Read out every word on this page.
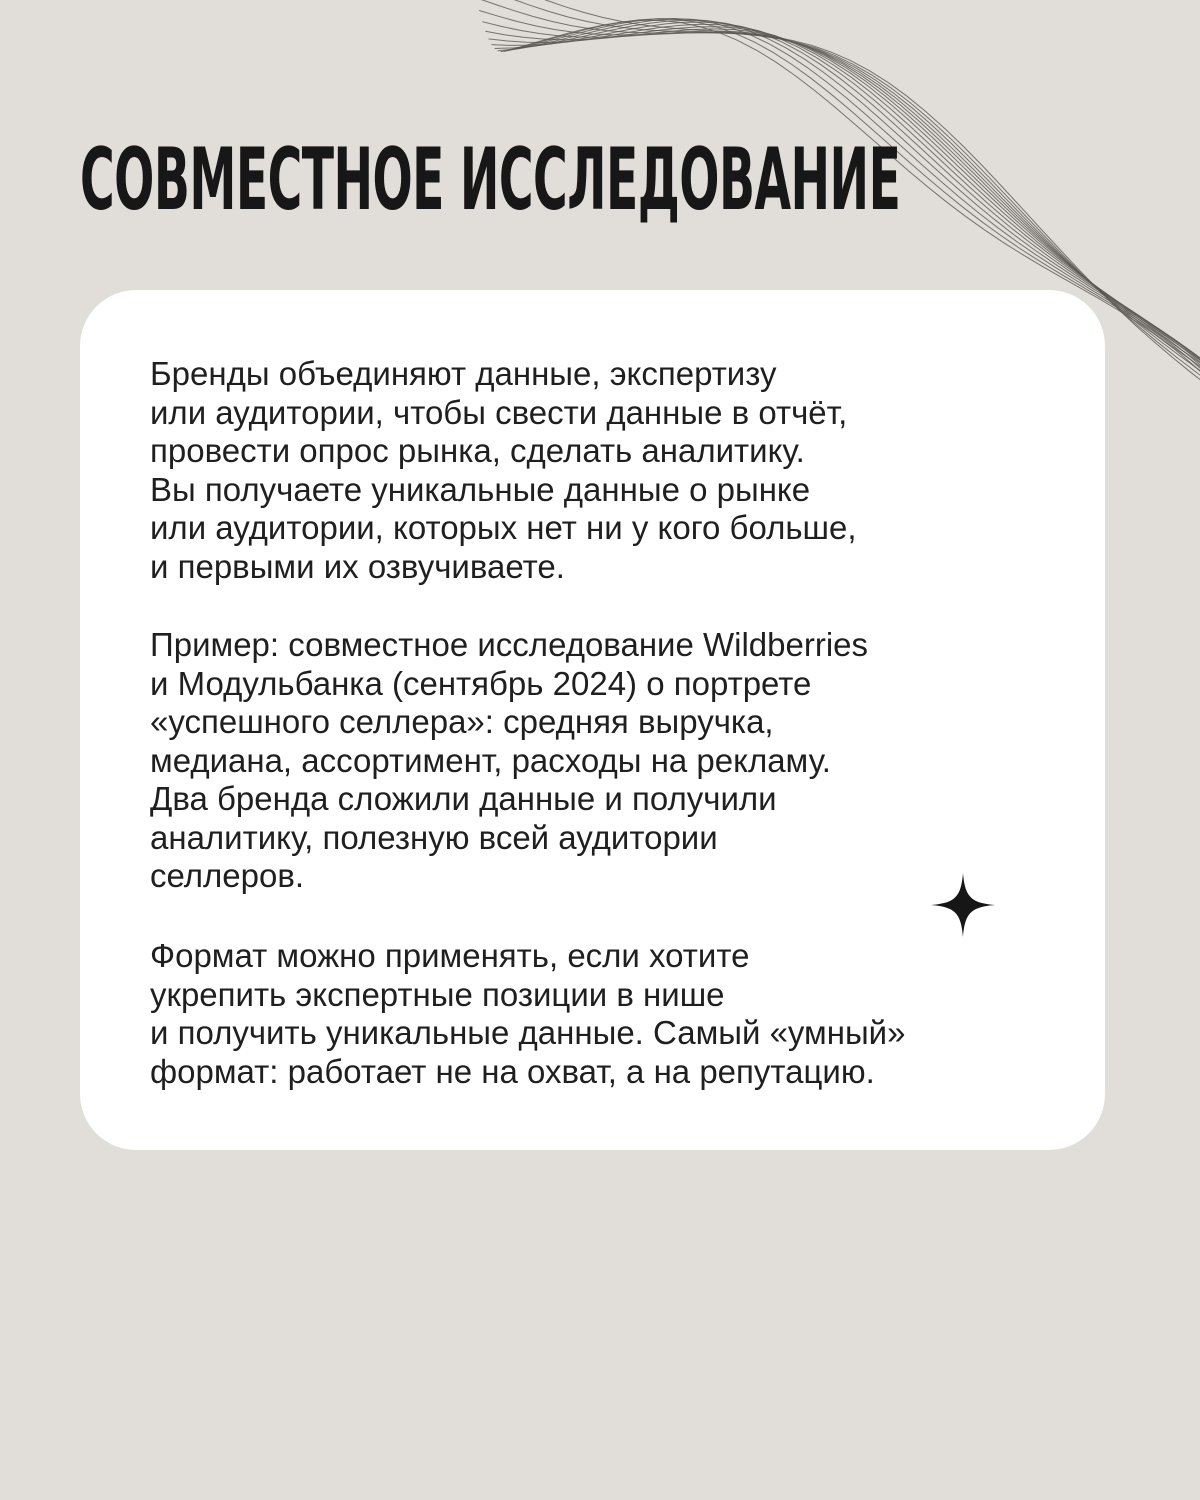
СОВМЕСТНОЕ ИССЛЕДОВАНИЕ

Бренды объединяют данные, экспертизу
или аудитории, чтобы свести данные в отчёт,
провести опрос рынка, сделать аналитику.
Вы получаете уникальные данные о рынке
или аудитории, которых нет ни у кого больше,
и первыми их озвучиваете.

Пример: совместное исследование Wildberries
и Модульбанка (сентябрь 2024) о портрете
«успешного селлера»: средняя выручка,
медиана, ассортимент, расходы на рекламу.
Два бренда сложили данные и получили
аналитику, полезную всей аудитории
селлеров.

Формат можно применять, если хотите
укрепить экспертные позиции в нише
и получить уникальные данные. Самый «умный»
формат: работает не на охват, а на репутацию.
